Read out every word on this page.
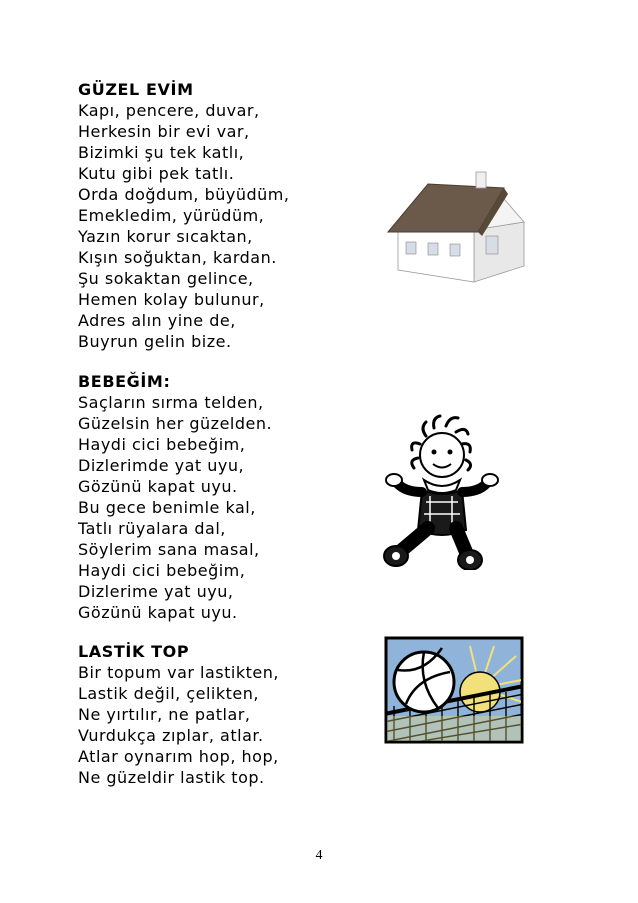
GÜZEL EVİM
Kapı, pencere, duvar,
Herkesin bir evi var,
Bizimki şu tek katlı,
Kutu gibi pek tatlı.
Orda doğdum, büyüdüm,
Emekledim, yürüdüm,
Yazın korur sıcaktan,
Kışın soğuktan, kardan.
Şu sokaktan gelince,
Hemen kolay bulunur,
Adres alın yine de,
Buyrun gelin bize.
BEBEĞİM:
Saçların sırma telden,
Güzelsin her güzelden.
Haydi cici bebeğim,
Dizlerimde yat uyu,
Gözünü kapat uyu.
Bu gece benimle kal,
Tatlı rüyalara dal,
Söylerim sana masal,
Haydi cici bebeğim,
Dizlerime yat uyu,
Gözünü kapat uyu.
LASTİK TOP
Bir topum var lastikten,
Lastik değil, çelikten,
Ne yırtılır, ne patlar,
Vurdukça zıplar, atlar.
Atlar oynarım hop, hop,
Ne güzeldir lastik top.
4
